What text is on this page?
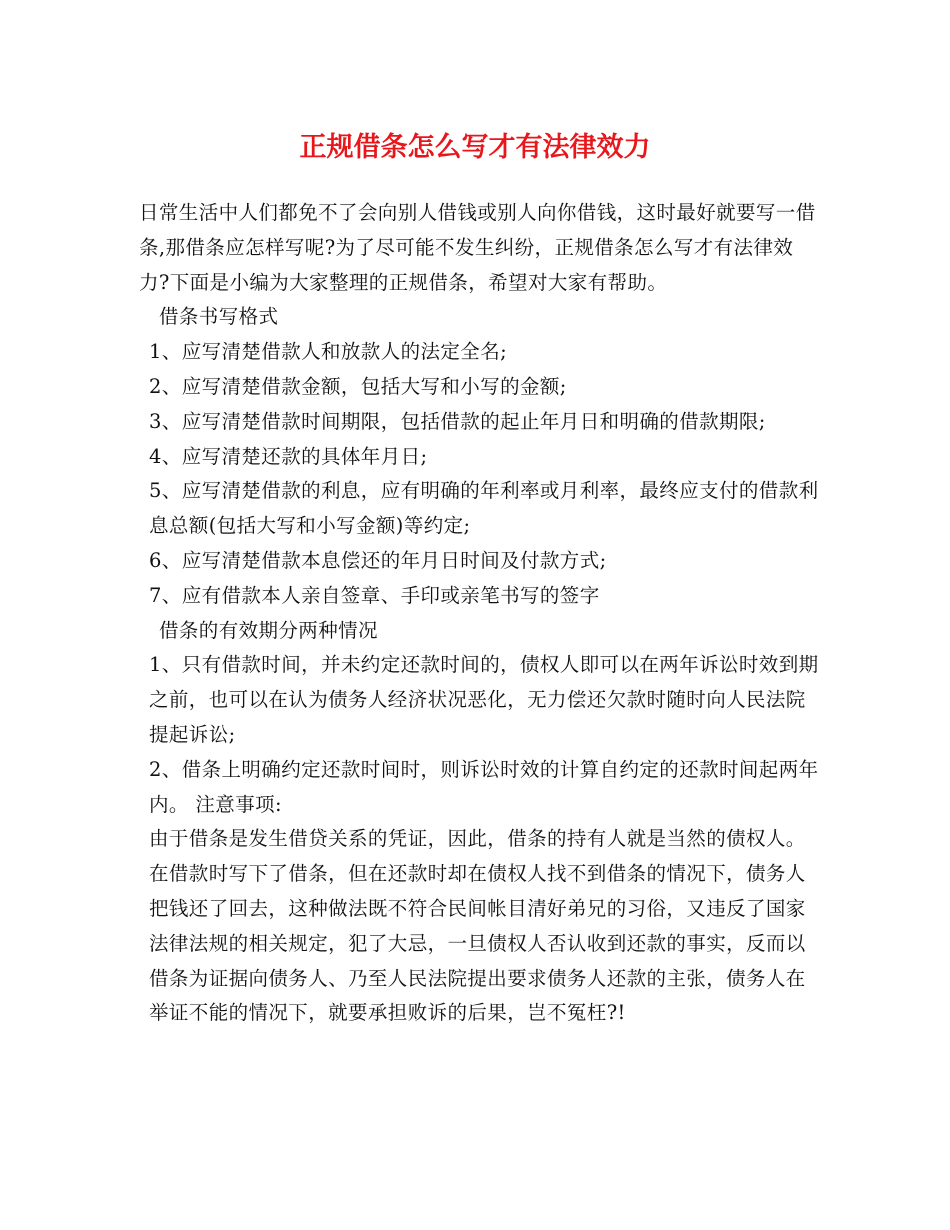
正规借条怎么写才有法律效力

日常生活中人们都免不了会向别人借钱或别人向你借钱，这时最好就要写一借条,那借条应怎样写呢?为了尽可能不发生纠纷，正规借条怎么写才有法律效力?下面是小编为大家整理的正规借条，希望对大家有帮助。

借条书写格式

1、应写清楚借款人和放款人的法定全名;

2、应写清楚借款金额，包括大写和小写的金额;

3、应写清楚借款时间期限，包括借款的起止年月日和明确的借款期限;

4、应写清楚还款的具体年月日;

5、应写清楚借款的利息，应有明确的年利率或月利率，最终应支付的借款利息总额(包括大写和小写金额)等约定;

6、应写清楚借款本息偿还的年月日时间及付款方式;

7、应有借款本人亲自签章、手印或亲笔书写的签字

借条的有效期分两种情况

1、只有借款时间，并未约定还款时间的，债权人即可以在两年诉讼时效到期之前，也可以在认为债务人经济状况恶化，无力偿还欠款时随时向人民法院提起诉讼;

2、借条上明确约定还款时间时，则诉讼时效的计算自约定的还款时间起两年内。 注意事项:

由于借条是发生借贷关系的凭证，因此，借条的持有人就是当然的债权人。在借款时写下了借条，但在还款时却在债权人找不到借条的情况下，债务人把钱还了回去，这种做法既不符合民间帐目清好弟兄的习俗，又违反了国家法律法规的相关规定，犯了大忌，一旦债权人否认收到还款的事实，反而以借条为证据向债务人、乃至人民法院提出要求债务人还款的主张，债务人在举证不能的情况下，就要承担败诉的后果，岂不冤枉?!
